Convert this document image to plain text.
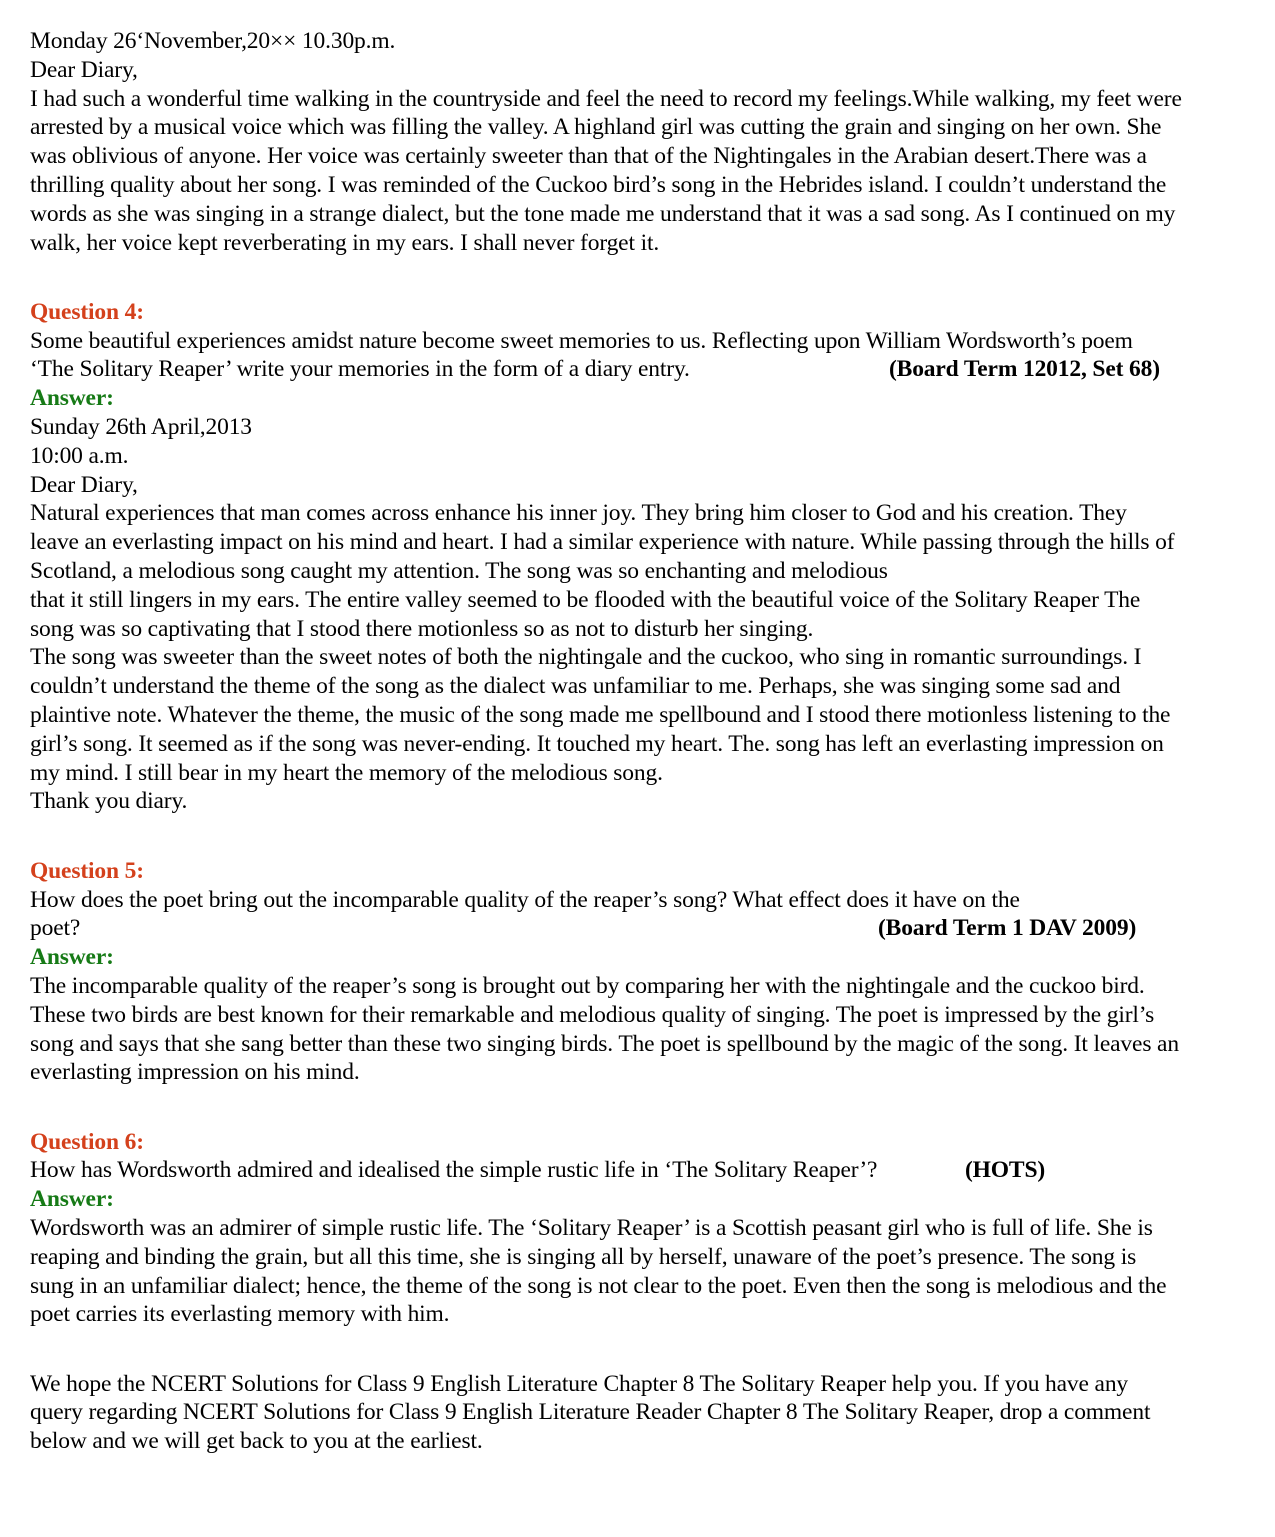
Monday 26‘November,20×× 10.30p.m.
Dear Diary,
I had such a wonderful time walking in the countryside and feel the need to record my feelings.While walking, my feet were
arrested by a musical voice which was filling the valley. A highland girl was cutting the grain and singing on her own. She
was oblivious of anyone. Her voice was certainly sweeter than that of the Nightingales in the Arabian desert.There was a
thrilling quality about her song. I was reminded of the Cuckoo bird’s song in the Hebrides island. I couldn’t understand the
words as she was singing in a strange dialect, but the tone made me understand that it was a sad song. As I continued on my
walk, her voice kept reverberating in my ears. I shall never forget it.
Question 4:
Some beautiful experiences amidst nature become sweet memories to us. Reflecting upon William Wordsworth’s poem
‘The Solitary Reaper’ write your memories in the form of a diary entry.	(Board Term 12012, Set 68)
Answer:
Sunday 26th April,2013
10:00 a.m.
Dear Diary,
Natural experiences that man comes across enhance his inner joy. They bring him closer to God and his creation. They
leave an everlasting impact on his mind and heart. I had a similar experience with nature. While passing through the hills of
Scotland, a melodious song caught my attention. The song was so enchanting and melodious
that it still lingers in my ears. The entire valley seemed to be flooded with the beautiful voice of the Solitary Reaper The
song was so captivating that I stood there motionless so as not to disturb her singing.
The song was sweeter than the sweet notes of both the nightingale and the cuckoo, who sing in romantic surroundings. I
couldn’t understand the theme of the song as the dialect was unfamiliar to me. Perhaps, she was singing some sad and
plaintive note. Whatever the theme, the music of the song made me spellbound and I stood there motionless listening to the
girl’s song. It seemed as if the song was never-ending. It touched my heart. The. song has left an everlasting impression on
my mind. I still bear in my heart the memory of the melodious song.
Thank you diary.
Question 5:
How does the poet bring out the incomparable quality of the reaper’s song? What effect does it have on the
poet?	(Board Term 1 DAV 2009)
Answer:
The incomparable quality of the reaper’s song is brought out by comparing her with the nightingale and the cuckoo bird.
These two birds are best known for their remarkable and melodious quality of singing. The poet is impressed by the girl’s
song and says that she sang better than these two singing birds. The poet is spellbound by the magic of the song. It leaves an
everlasting impression on his mind.
Question 6:
How has Wordsworth admired and idealised the simple rustic life in ‘The Solitary Reaper’?	(HOTS)
Answer:
Wordsworth was an admirer of simple rustic life. The ‘Solitary Reaper’ is a Scottish peasant girl who is full of life. She is
reaping and binding the grain, but all this time, she is singing all by herself, unaware of the poet’s presence. The song is
sung in an unfamiliar dialect; hence, the theme of the song is not clear to the poet. Even then the song is melodious and the
poet carries its everlasting memory with him.
We hope the NCERT Solutions for Class 9 English Literature Chapter 8 The Solitary Reaper help you. If you have any
query regarding NCERT Solutions for Class 9 English Literature Reader Chapter 8 The Solitary Reaper, drop a comment
below and we will get back to you at the earliest.
